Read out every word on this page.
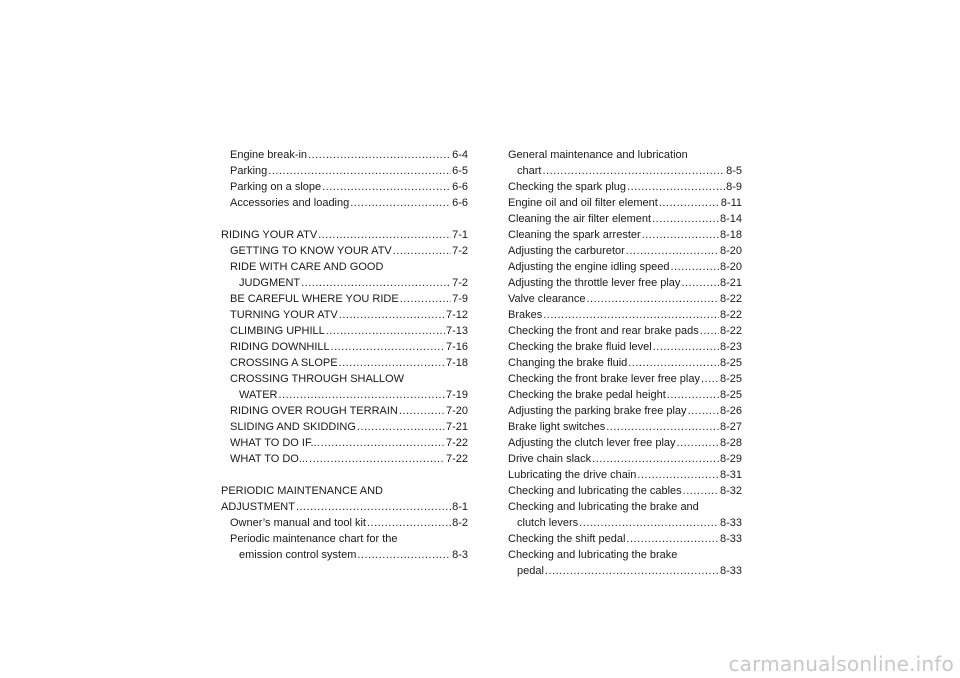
Engine break-in .....	6-4
Parking .....	6-5
Parking on a slope .....	6-6
Accessories and loading .....	6-6
RIDING YOUR ATV .....	7-1
GETTING TO KNOW YOUR ATV .....	7-2
RIDE WITH CARE AND GOOD
JUDGMENT .....	7-2
BE CAREFUL WHERE YOU RIDE .....	7-9
TURNING YOUR ATV .....	7-12
CLIMBING UPHILL .....	7-13
RIDING DOWNHILL .....	7-16
CROSSING A SLOPE .....	7-18
CROSSING THROUGH SHALLOW
WATER .....	7-19
RIDING OVER ROUGH TERRAIN .....	7-20
SLIDING AND SKIDDING .....	7-21
WHAT TO DO IF... .....	7-22
WHAT TO DO... .....	7-22
PERIODIC MAINTENANCE AND
ADJUSTMENT .....	8-1
Owner’s manual and tool kit .....	8-2
Periodic maintenance chart for the
emission control system .....	8-3
General maintenance and lubrication
chart .....	8-5
Checking the spark plug .....	8-9
Engine oil and oil filter element .....	8-11
Cleaning the air filter element .....	8-14
Cleaning the spark arrester .....	8-18
Adjusting the carburetor .....	8-20
Adjusting the engine idling speed .....	8-20
Adjusting the throttle lever free play .....	8-21
Valve clearance .....	8-22
Brakes .....	8-22
Checking the front and rear brake pads ..... 8-22
Checking the brake fluid level .....	8-23
Changing the brake fluid .....	8-25
Checking the front brake lever free play ..... 8-25
Checking the brake pedal height .....	8-25
Adjusting the parking brake free play .....	8-26
Brake light switches .....	8-27
Adjusting the clutch lever free play .....	8-28
Drive chain slack .....	8-29
Lubricating the drive chain .....	8-31
Checking and lubricating the cables .....	8-32
Checking and lubricating the brake and
clutch levers .....	8-33
Checking the shift pedal .....	8-33
Checking and lubricating the brake
pedal .....	8-33
carmanualsonline.info
